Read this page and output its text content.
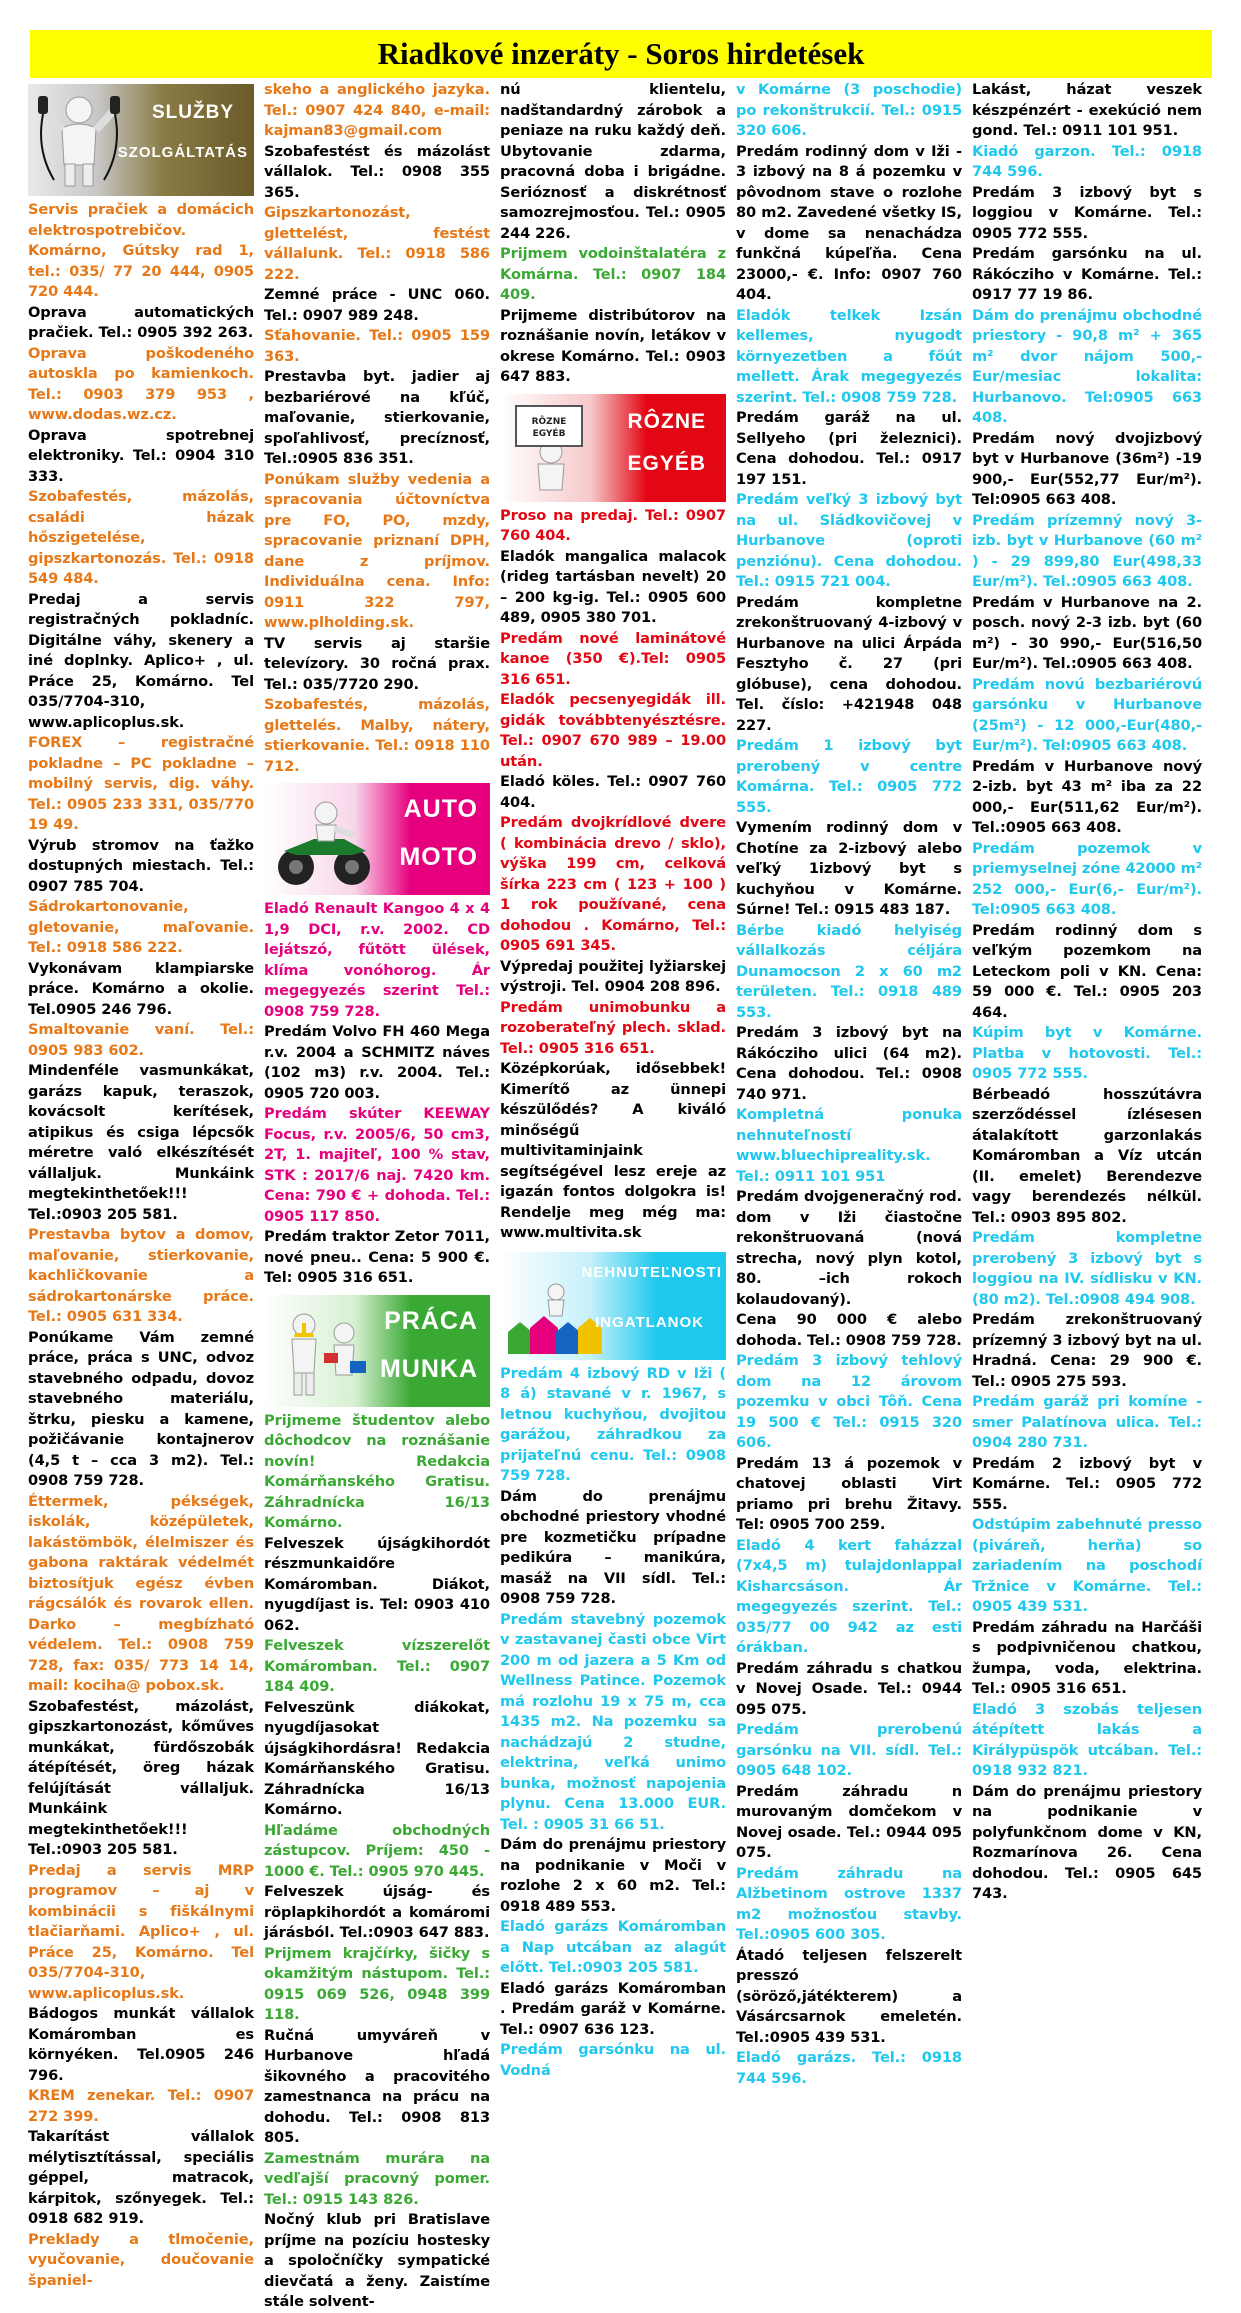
Riadkové inzeráty - Soros hirdetések
SLUŽBY
SZOLGÁLTATÁS

Servis pračiek a domácich elektrospotrebičov. Komárno, Gútsky rad 1, tel.: 035/ 77 20 444, 0905 720 444.

Oprava automatických pračiek. Tel.: 0905 392 263.

Oprava poškodeného autoskla po kamienkoch. Tel.: 0903 379 953 , www.dodas.wz.cz.

Oprava spotrebnej elektroniky. Tel.: 0904 310 333.

Szobafestés, mázolás, családi házak hőszigetelése, gipszkartonozás. Tel.: 0918 549 484.

Predaj a servis registračných pokladníc. Digitálne váhy, skenery a iné doplnky. Aplico+ , ul. Práce 25, Komárno. Tel 035/7704-310, www.aplicoplus.sk.

FOREX – registračné pokladne – PC pokladne – mobilný servis, dig. váhy. Tel.: 0905 233 331, 035/770 19 49.

Výrub stromov na ťažko dostupných miestach. Tel.: 0907 785 704.

Sádrokartonovanie, gletovanie, maľovanie. Tel.: 0918 586 222.

Vykonávam klampiarske práce. Komárno a okolie. Tel.0905 246 796.

Smaltovanie vaní. Tel.: 0905 983 602.

Mindenféle vasmunkákat, garázs kapuk, teraszok, kovácsolt kerítések, atipikus és csiga lépcsők méretre való elkészítését vállaljuk. Munkáink megtekinthetőek!!! Tel.:0903 205 581.

Prestavba bytov a domov, maľovanie, stierkovanie, kachličkovanie a sádrokartonárske práce. Tel.: 0905 631 334.

Ponúkame Vám zemné práce, práca s UNC, odvoz stavebného odpadu, dovoz stavebného materiálu, štrku, piesku a kamene, požičávanie kontajnerov (4,5 t – cca 3 m2). Tel.: 0908 759 728.

Éttermek, pékségek, iskolák, középületek, lakástömbök, élelmiszer és gabona raktárak védelmét biztosítjuk egész évben rágcsálók és rovarok ellen. Darko – megbízható védelem. Tel.: 0908 759 728, fax: 035/ 773 14 14, mail: kociha@ pobox.sk.

Szobafestést, mázolást, gipszkartonozást, kőműves munkákat, fürdőszobák átépítését, öreg házak felújítását vállaljuk. Munkáink megtekinthetőek!!! Tel.:0903 205 581.

Predaj a servis MRP programov – aj v kombinácii s fiškálnymi tlačiarňami. Aplico+ , ul. Práce 25, Komárno. Tel 035/7704-310, www.aplicoplus.sk.

Bádogos munkát vállalok Komáromban es környéken. Tel.0905 246 796.

KREM zenekar. Tel.: 0907 272 399.

Takarítást vállalok mélytisztítással, speciális géppel, matracok, kárpitok, szőnyegek. Tel.: 0918 682 919.

Preklady a tlmočenie, vyučovanie, doučovanie španiel-

skeho a anglického jazyka. Tel.: 0907 424 840, e-mail: kajman83@gmail.com

Szobafestést és mázolást vállalok. Tel.: 0908 355 365.

Gipszkartonozást, glettelést, festést vállalunk. Tel.: 0918 586 222.

Zemné práce - UNC 060. Tel.: 0907 989 248.

Sťahovanie. Tel.: 0905 159 363.

Prestavba byt. jadier aj bezbariérové na kľúč, maľovanie, stierkovanie, spoľahlivosť, precíznosť, Tel.:0905 836 351.

Ponúkam služby vedenia a spracovania účtovníctva pre FO, PO, mzdy, spracovanie priznaní DPH, dane z príjmov. Individuálna cena. Info: 0911 322 797, www.plholding.sk.

TV servis aj staršie televízory. 30 ročná prax. Tel.: 035/7720 290.

Szobafestés, mázolás, glettelés. Malby, nátery, stierkovanie. Tel.: 0918 110 712.

AUTO
MOTO

Eladó Renault Kangoo 4 x 4 1,9 DCI, r.v. 2002. CD lejátszó, fűtött ülések, klíma vonóhorog. Ár megegyezés szerint Tel.: 0908 759 728.

Predám Volvo FH 460 Mega r.v. 2004 a SCHMITZ náves (102 m3) r.v. 2004. Tel.: 0905 720 003.

Predám skúter KEEWAY Focus, r.v. 2005/6, 50 cm3, 2T, 1. majiteľ, 100 % stav, STK : 2017/6 naj. 7420 km. Cena: 790 € + dohoda. Tel.: 0905 117 850.

Predám traktor Zetor 7011, nové pneu.. Cena: 5 900 €. Tel: 0905 316 651.

PRÁCA
MUNKA

Prijmeme študentov alebo dôchodcov na roznášanie novín! Redakcia Komárňanského Gratisu. Záhradnícka 16/13 Komárno.

Felveszek újságkihordót részmunkaidőre Komáromban. Diákot, nyugdíjast is. Tel: 0903 410 062.

Felveszek vízszerelőt Komáromban. Tel.: 0907 184 409.

Felveszünk diákokat, nyugdíjasokat újságkihordásra! Redakcia Komárňanského Gratisu. Záhradnícka 16/13 Komárno.

Hľadáme obchodných zástupcov. Príjem: 450 - 1000 €. Tel.: 0905 970 445.

Felveszek újság- és röplapkihordót a komáromi járásból. Tel.:0903 647 883.

Prijmem krajčírky, šičky s okamžitým nástupom. Tel.: 0915 069 526, 0948 399 118.

Ručná umyváreň v Hurbanove hľadá šikovného a pracovitého zamestnanca na prácu na dohodu. Tel.: 0908 813 805.

Zamestnám murára na vedľajší pracovný pomer. Tel.: 0915 143 826.

Nočný klub pri Bratislave príjme na pozíciu hostesky a spoločníčky sympatické dievčatá a ženy. Zaistíme stále solvent-

nú klientelu, nadštandardný zárobok a peniaze na ruku každý deň. Ubytovanie zdarma, pracovná doba i brigádne. Serióznosť a diskrétnosť samozrejmosťou. Tel.: 0905 244 226.

Prijmem vodoinštalatéra z Komárna. Tel.: 0907 184 409.

Prijmeme distribútorov na roznášanie novín, letákov v okrese Komárno. Tel.: 0903 647 883.

RÔZNE
EGYÉB
RÔZNE
EGYÉB

Proso na predaj. Tel.: 0907 760 404.

Eladók mangalica malacok (rideg tartásban nevelt) 20 – 200 kg-ig. Tel.: 0905 600 489, 0905 380 701.

Predám nové laminátové kanoe (350 €).Tel: 0905 316 651.

Eladók pecsenyegidák ill. gidák továbbtenyésztésre. Tel.: 0907 670 989 – 19.00 után.

Eladó köles. Tel.: 0907 760 404.

Predám dvojkrídlové dvere ( kombinácia drevo / sklo), výška 199 cm, celková šírka 223 cm ( 123 + 100 ) 1 rok používané, cena dohodou . Komárno, Tel.: 0905 691 345.

Výpredaj použitej lyžiarskej výstroji. Tel. 0904 208 896.

Predám unimobunku a rozoberateľný plech. sklad. Tel.: 0905 316 651.

Középkorúak, idősebbek! Kimerítő az ünnepi készülődés? A kiváló minőségű multivitaminjaink segítségével lesz ereje az igazán fontos dolgokra is! Rendelje meg még ma: www.multivita.sk

NEHNUTEĽNOSTI
INGATLANOK

Predám 4 izbový RD v Iži ( 8 á) stavané v r. 1967, s letnou kuchyňou, dvojitou garážou, záhradkou za prijateľnú cenu. Tel.: 0908 759 728.

Dám do prenájmu obchodné priestory vhodné pre kozmetičku prípadne pedikúra – manikúra, masáž na VII sídl. Tel.: 0908 759 728.

Predám stavebný pozemok v zastavanej časti obce Virt 200 m od jazera a 5 Km od Wellness Patince. Pozemok má rozlohu 19 x 75 m, cca 1435 m2. Na pozemku sa nachádzajú 2 studne, elektrina, veľká unimo bunka, možnosť napojenia plynu. Cena 13.000 EUR. Tel. : 0905 31 66 51.

Dám do prenájmu priestory na podnikanie v Moči v rozlohe 2 x 60 m2. Tel.: 0918 489 553.

Eladó garázs Komáromban a Nap utcában az alagút előtt. Tel.:0903 205 581.

Eladó garázs Komáromban . Predám garáž v Komárne. Tel.: 0907 636 123.

Predám garsónku na ul. Vodná

v Komárne (3 poschodie) po rekonštrukcií. Tel.: 0915 320 606.

Predám rodinný dom v Iži - 3 izbový na 8 á pozemku v pôvodnom stave o rozlohe 80 m2. Zavedené všetky IS, v dome sa nenachádza funkčná kúpeľňa. Cena 23000,- €. Info: 0907 760 404.

Eladók telkek Izsán kellemes, nyugodt környezetben a főút mellett. Árak megegyezés szerint. Tel.: 0908 759 728.

Predám garáž na ul. Sellyeho (pri železnici). Cena dohodou. Tel.: 0917 197 151.

Predám veľký 3 izbový byt na ul. Sládkovičovej v Hurbanove (oproti penziónu). Cena dohodou. Tel.: 0915 721 004.

Predám kompletne zrekonštruovaný 4-izbový v Hurbanove na ulici Árpáda Fesztyho č. 27 (pri glóbuse), cena dohodou. Tel. číslo: +421948 048 227.

Predám 1 izbový byt prerobený v centre Komárna. Tel.: 0905 772 555.

Vymením rodinný dom v Chotíne za 2-izbový alebo veľký 1izbový byt s kuchyňou v Komárne. Súrne! Tel.: 0915 483 187.

Bérbe kiadó helyiség vállalkozás céljára Dunamocson 2 x 60 m2 területen. Tel.: 0918 489 553.

Predám 3 izbový byt na Rákócziho ulici (64 m2). Cena dohodou. Tel.: 0908 740 971.

Kompletná ponuka nehnuteľností www.bluechipreality.sk. Tel.: 0911 101 951

Predám dvojgeneračný rod. dom v Iži čiastočne rekonštruovaná (nová strecha, nový plyn kotol, 80. –ich rokoch kolaudovaný).

Cena 90 000 € alebo dohoda. Tel.: 0908 759 728.

Predám 3 izbový tehlový dom na 12 árovom pozemku v obci Tôň. Cena 19 500 € Tel.: 0915 320 606.

Predám 13 á pozemok v chatovej oblasti Virt priamo pri brehu Žitavy. Tel: 0905 700 259.

Eladó 4 kert faházzal (7x4,5 m) tulajdonlappal Kisharcsáson. Ár megegyezés szerint. Tel.: 035/77 00 942 az esti órákban.

Predám záhradu s chatkou v Novej Osade. Tel.: 0944 095 075.

Predám prerobenú garsónku na VII. sídl. Tel.: 0905 648 102.

Predám záhradu n murovaným domčekom v Novej osade. Tel.: 0944 095 075.

Predám záhradu na Alžbetinom ostrove 1337 m2 možnosťou stavby. Tel.:0905 600 305.

Átadó teljesen felszerelt presszó (söröző,játékterem) a Vásárcsarnok emeletén. Tel.:0905 439 531.

Eladó garázs. Tel.: 0918 744 596.

Lakást, házat veszek készpénzért - exekúció nem gond. Tel.: 0911 101 951.

Kiadó garzon. Tel.: 0918 744 596.

Predám 3 izbový byt s loggiou v Komárne. Tel.: 0905 772 555.

Predám garsónku na ul. Rákócziho v Komárne. Tel.: 0917 77 19 86.

Dám do prenájmu obchodné priestory - 90,8 m² + 365 m² dvor nájom 500,- Eur/mesiac lokalita: Hurbanovo. Tel:0905 663 408.

Predám nový dvojizbový byt v Hurbanove (36m²) -19 900,- Eur(552,77 Eur/m²). Tel:0905 663 408.

Predám prízemný nový 3-izb. byt v Hurbanove (60 m² ) - 29 899,80 Eur(498,33 Eur/m²). Tel.:0905 663 408.

Predám v Hurbanove na 2. posch. nový 2-3 izb. byt (60 m²) - 30 990,- Eur(516,50 Eur/m²). Tel.:0905 663 408.

Predám novú bezbariérovú garsónku v Hurbanove (25m²) - 12 000,-Eur(480,- Eur/m²). Tel:0905 663 408.

Predám v Hurbanove nový 2-izb. byt 43 m² iba za 22 000,- Eur(511,62 Eur/m²). Tel.:0905 663 408.

Predám pozemok v priemyselnej zóne 42000 m² 252 000,- Eur(6,- Eur/m²). Tel:0905 663 408.

Predám rodinný dom s veľkým pozemkom na Leteckom poli v KN. Cena: 59 000 €. Tel.: 0905 203 464.

Kúpim byt v Komárne. Platba v hotovosti. Tel.: 0905 772 555.

Bérbeadó hosszútávra szerződéssel ízlésesen átalakított garzonlakás Komáromban a Víz utcán (II. emelet) Berendezve vagy berendezés nélkül. Tel.: 0903 895 802.

Predám kompletne prerobený 3 izbový byt s loggiou na IV. sídlisku v KN.(80 m2). Tel.:0908 494 908.

Predám zrekonštruovaný prízemný 3 izbový byt na ul. Hradná. Cena: 29 900 €. Tel.: 0905 275 593.

Predám garáž pri komíne - smer Palatínova ulica. Tel.: 0904 280 731.

Predám 2 izbový byt v Komárne. Tel.: 0905 772 555.

Odstúpim zabehnuté presso (piváreň, herňa) so zariadením na poschodí Tržnice v Komárne. Tel.: 0905 439 531.

Predám záhradu na Harčáši s podpivničenou chatkou, žumpa, voda, elektrina. Tel.: 0905 316 651.

Eladó 3 szobás teljesen átépített lakás a Királypüspök utcában. Tel.: 0918 932 821.

Dám do prenájmu priestory na podnikanie v polyfunkčnom dome v KN, Rozmarínova 26. Cena dohodou. Tel.: 0905 645 743.
